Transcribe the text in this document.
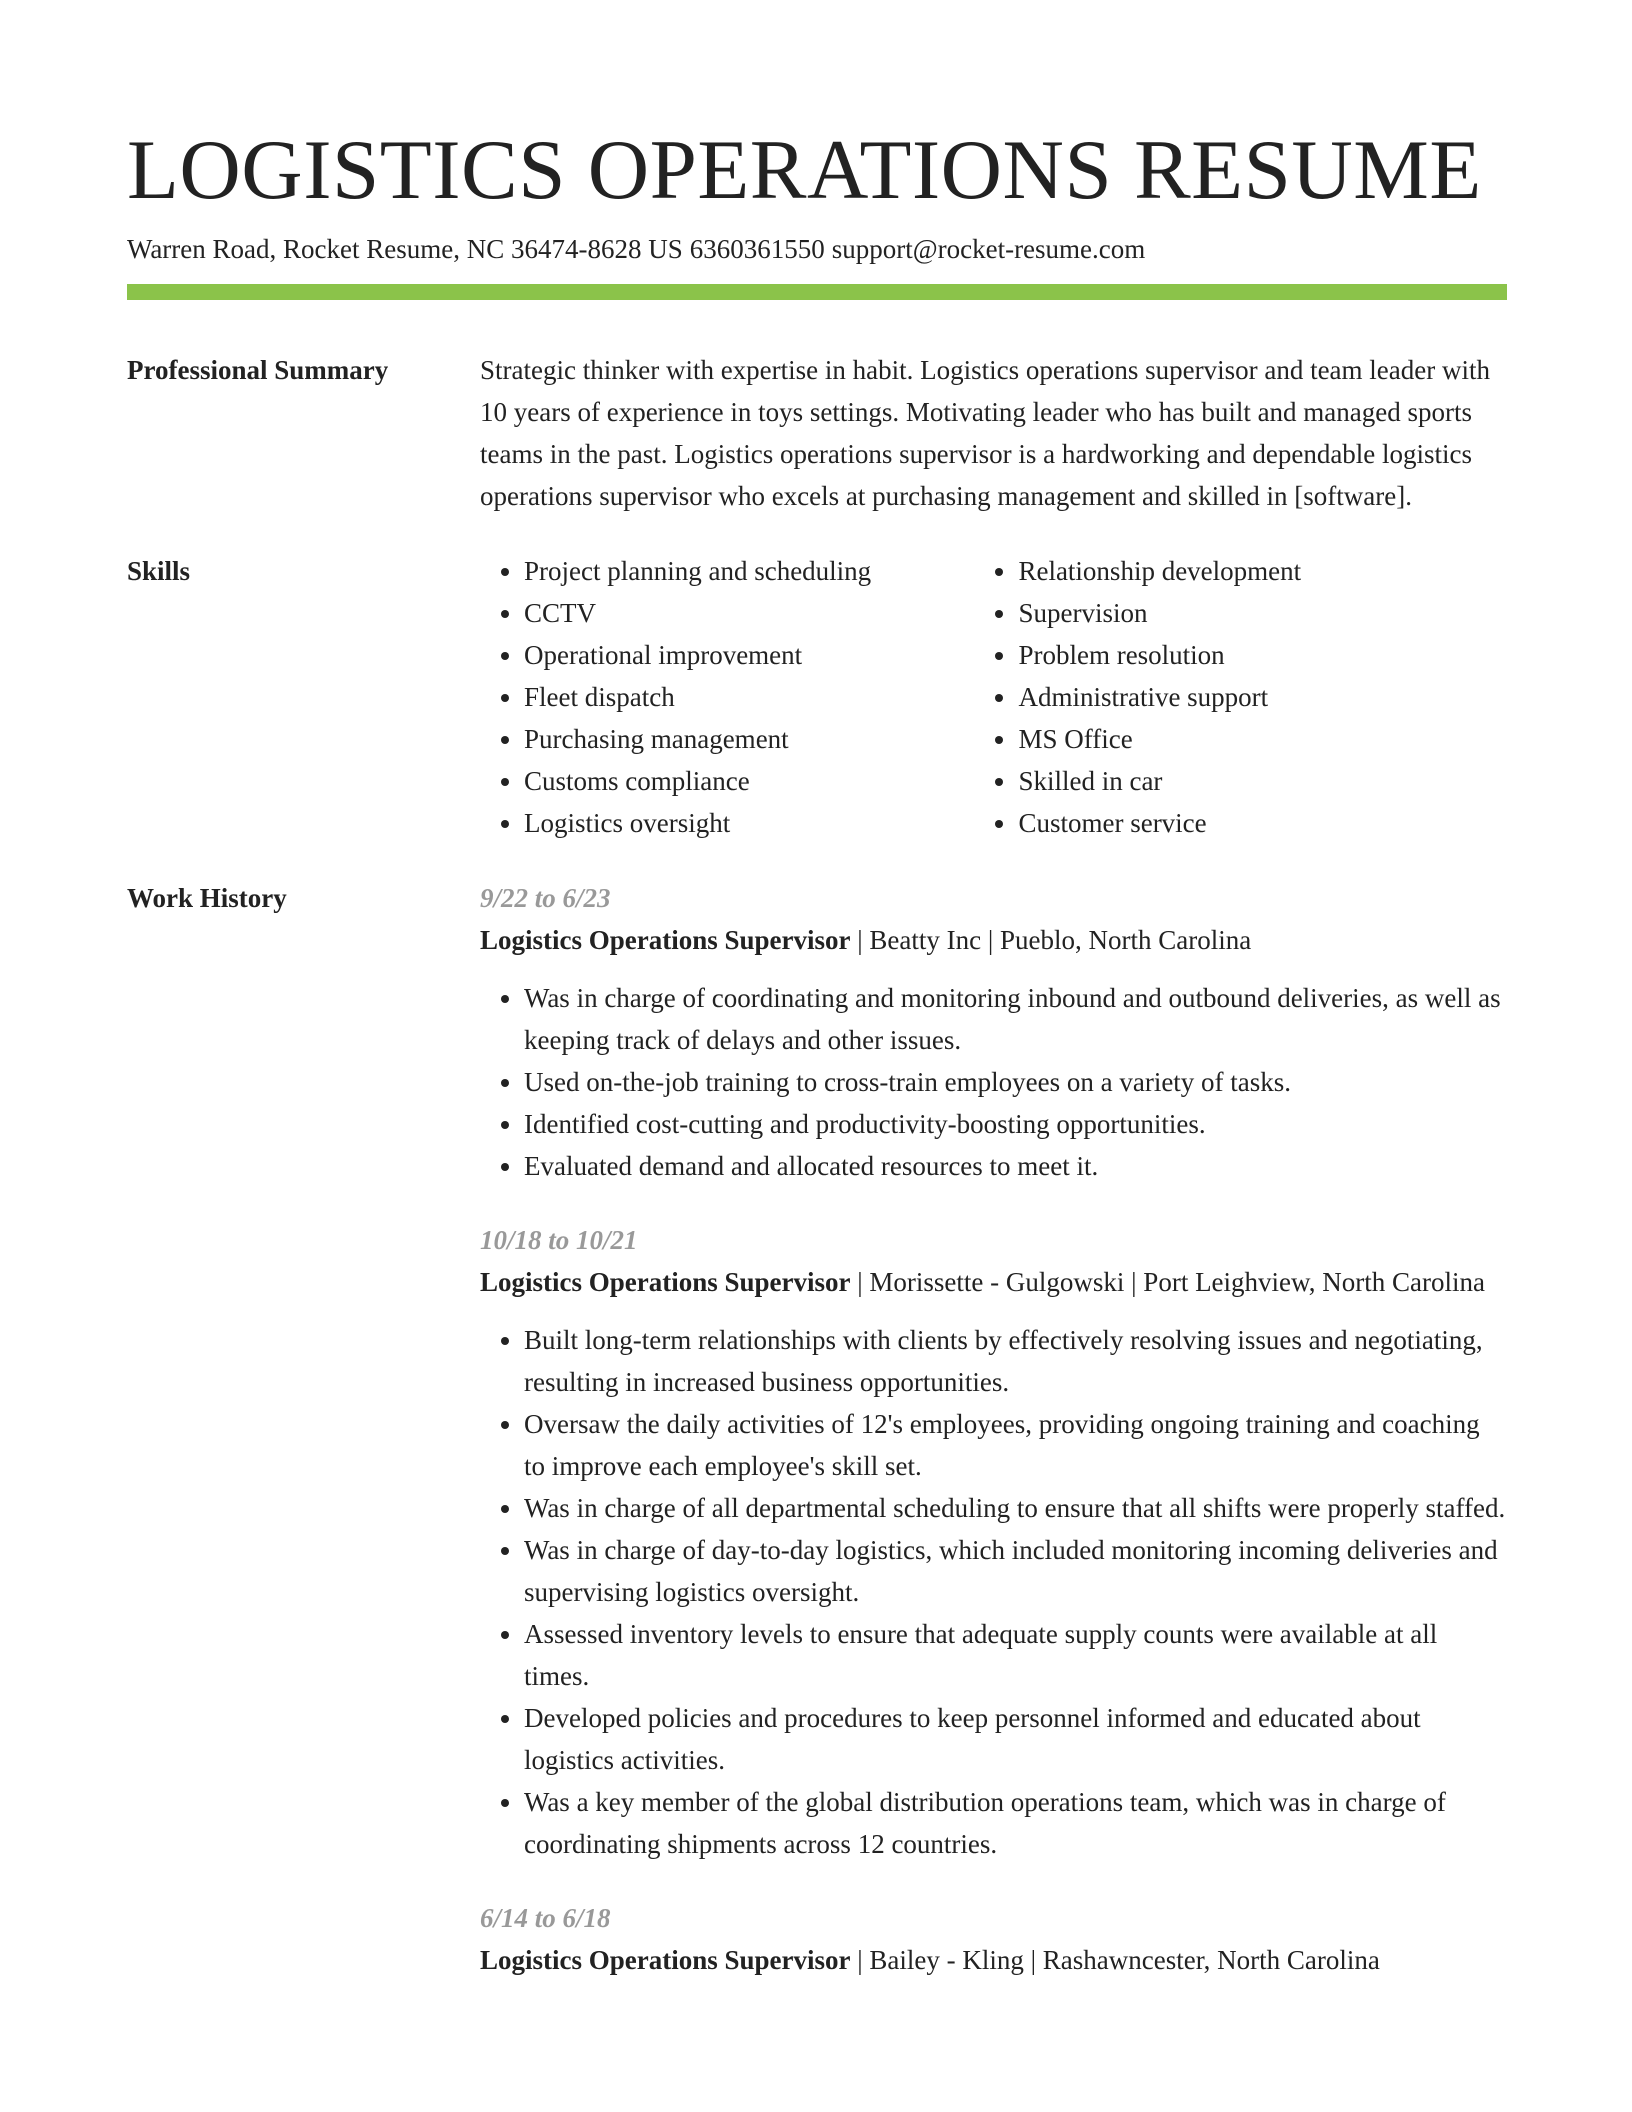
LOGISTICS OPERATIONS RESUME
Warren Road, Rocket Resume, NC 36474-8628 US 6360361550 support@rocket-resume.com
Professional Summary	Strategic thinker with expertise in habit. Logistics operations supervisor and team leader with 10 years of experience in toys settings. Motivating leader who has built and managed sports teams in the past. Logistics operations supervisor is a hardworking and dependable logistics operations supervisor who excels at purchasing management and skilled in [software].

Skills
•	Project planning and scheduling
• CCTV
• Operational improvement
• Fleet dispatch
• Purchasing management
• Customs compliance
• Logistics oversight
• Relationship development
• Supervision
• Problem resolution
• Administrative support
• MS Office
• Skilled in car
• Customer service
Work History	9/22 to 6/23
Logistics Operations Supervisor | Beatty Inc | Pueblo, North Carolina
• Was in charge of coordinating and monitoring inbound and outbound deliveries, as well as keeping track of delays and other issues.
• Used on-the-job training to cross-train employees on a variety of tasks.
• Identified cost-cutting and productivity-boosting opportunities.
• Evaluated demand and allocated resources to meet it.
10/18 to 10/21
Logistics Operations Supervisor | Morissette - Gulgowski | Port Leighview, North Carolina
• Built long-term relationships with clients by effectively resolving issues and negotiating, resulting in increased business opportunities.
• Oversaw the daily activities of 12's employees, providing ongoing training and coaching to improve each employee's skill set.
• Was in charge of all departmental scheduling to ensure that all shifts were properly staffed.
• Was in charge of day-to-day logistics, which included monitoring incoming deliveries and supervising logistics oversight.
• Assessed inventory levels to ensure that adequate supply counts were available at all times.
• Developed policies and procedures to keep personnel informed and educated about logistics activities.
• Was a key member of the global distribution operations team, which was in charge of coordinating shipments across 12 countries.
6/14 to 6/18
Logistics Operations Supervisor | Bailey - Kling | Rashawncester, North Carolina
